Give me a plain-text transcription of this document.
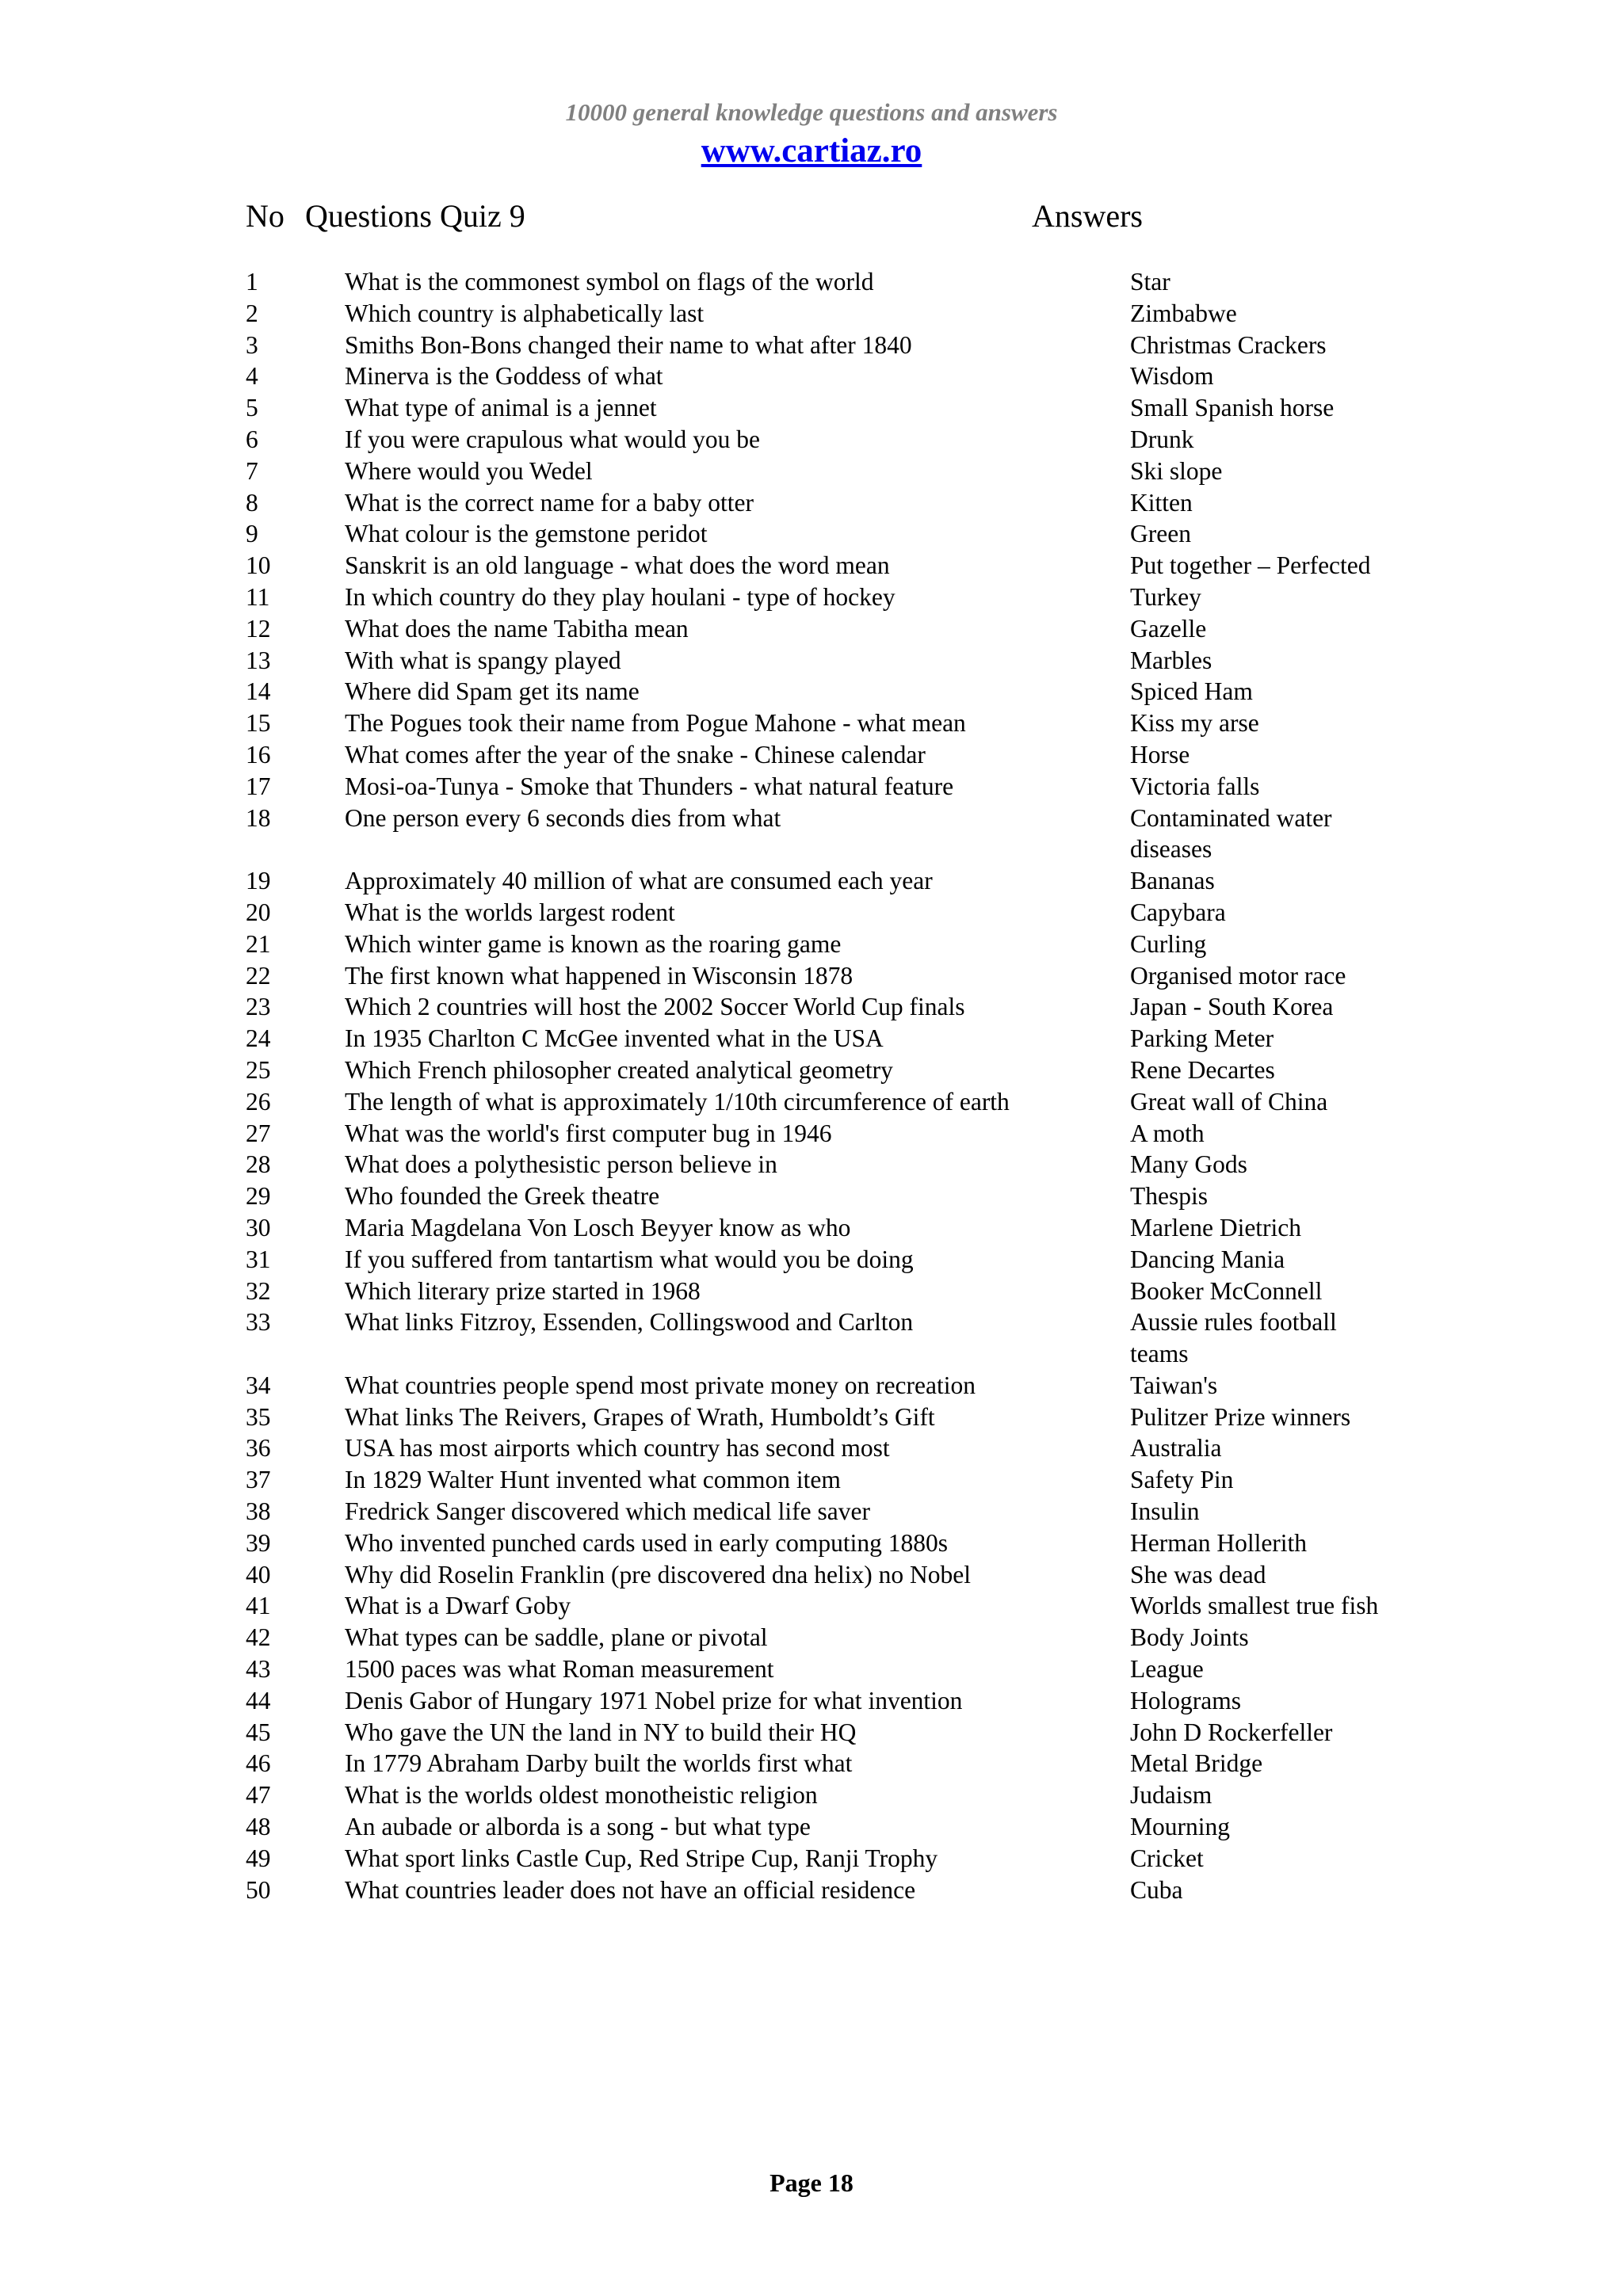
10000 general knowledge questions and answers
www.cartiaz.ro
No Questions Quiz 9	Answers
1	What is the commonest symbol on flags of the world	Star
2	Which country is alphabetically last	Zimbabwe
3	Smiths Bon-Bons changed their name to what after 1840	Christmas Crackers
4	Minerva is the Goddess of what	Wisdom
5	What type of animal is a jennet	Small Spanish horse
6	If you were crapulous what would you be	Drunk
7	Where would you Wedel	Ski slope
8	What is the correct name for a baby otter	Kitten
9	What colour is the gemstone peridot	Green
10	Sanskrit is an old language - what does the word mean	Put together – Perfected
11	In which country do they play houlani - type of hockey	Turkey
12	What does the name Tabitha mean	Gazelle
13	With what is spangy played	Marbles
14	Where did Spam get its name	Spiced Ham
15	The Pogues took their name from Pogue Mahone - what mean	Kiss my arse
16	What comes after the year of the snake - Chinese calendar	Horse
17	Mosi-oa-Tunya - Smoke that Thunders - what natural feature	Victoria falls
18	One person every 6 seconds dies from what	Contaminated water diseases
19	Approximately 40 million of what are consumed each year	Bananas
20	What is the worlds largest rodent	Capybara
21	Which winter game is known as the roaring game	Curling
22	The first known what happened in Wisconsin 1878	Organised motor race
23	Which 2 countries will host the 2002 Soccer World Cup finals	Japan - South Korea
24	In 1935 Charlton C McGee invented what in the USA	Parking Meter
25	Which French philosopher created analytical geometry	Rene Decartes
26	The length of what is approximately 1/10th circumference of earth	Great wall of China
27	What was the world's first computer bug in 1946	A moth
28	What does a polythesistic person believe in	Many Gods
29	Who founded the Greek theatre	Thespis
30	Maria Magdelana Von Losch Beyyer know as who	Marlene Dietrich
31	If you suffered from tantartism what would you be doing	Dancing Mania
32	Which literary prize started in 1968	Booker McConnell
33	What links Fitzroy, Essenden, Collingswood and Carlton	Aussie rules football teams
34	What countries people spend most private money on recreation	Taiwan's
35	What links The Reivers, Grapes of Wrath, Humboldt’s Gift	Pulitzer Prize winners
36	USA has most airports which country has second most	Australia
37	In 1829 Walter Hunt invented what common item	Safety Pin
38	Fredrick Sanger discovered which medical life saver	Insulin
39	Who invented punched cards used in early computing 1880s	Herman Hollerith
40	Why did Roselin Franklin (pre discovered dna helix) no Nobel	She was dead
41	What is a Dwarf Goby	Worlds smallest true fish
42	What types can be saddle, plane or pivotal	Body Joints
43	1500 paces was what Roman measurement	League
44	Denis Gabor of Hungary 1971 Nobel prize for what invention	Holograms
45	Who gave the UN the land in NY to build their HQ	John D Rockerfeller
46	In 1779 Abraham Darby built the worlds first what	Metal Bridge
47	What is the worlds oldest monotheistic religion	Judaism
48	An aubade or alborda is a song - but what type	Mourning
49	What sport links Castle Cup, Red Stripe Cup, Ranji Trophy	Cricket
50	What countries leader does not have an official residence	Cuba
Page 18
